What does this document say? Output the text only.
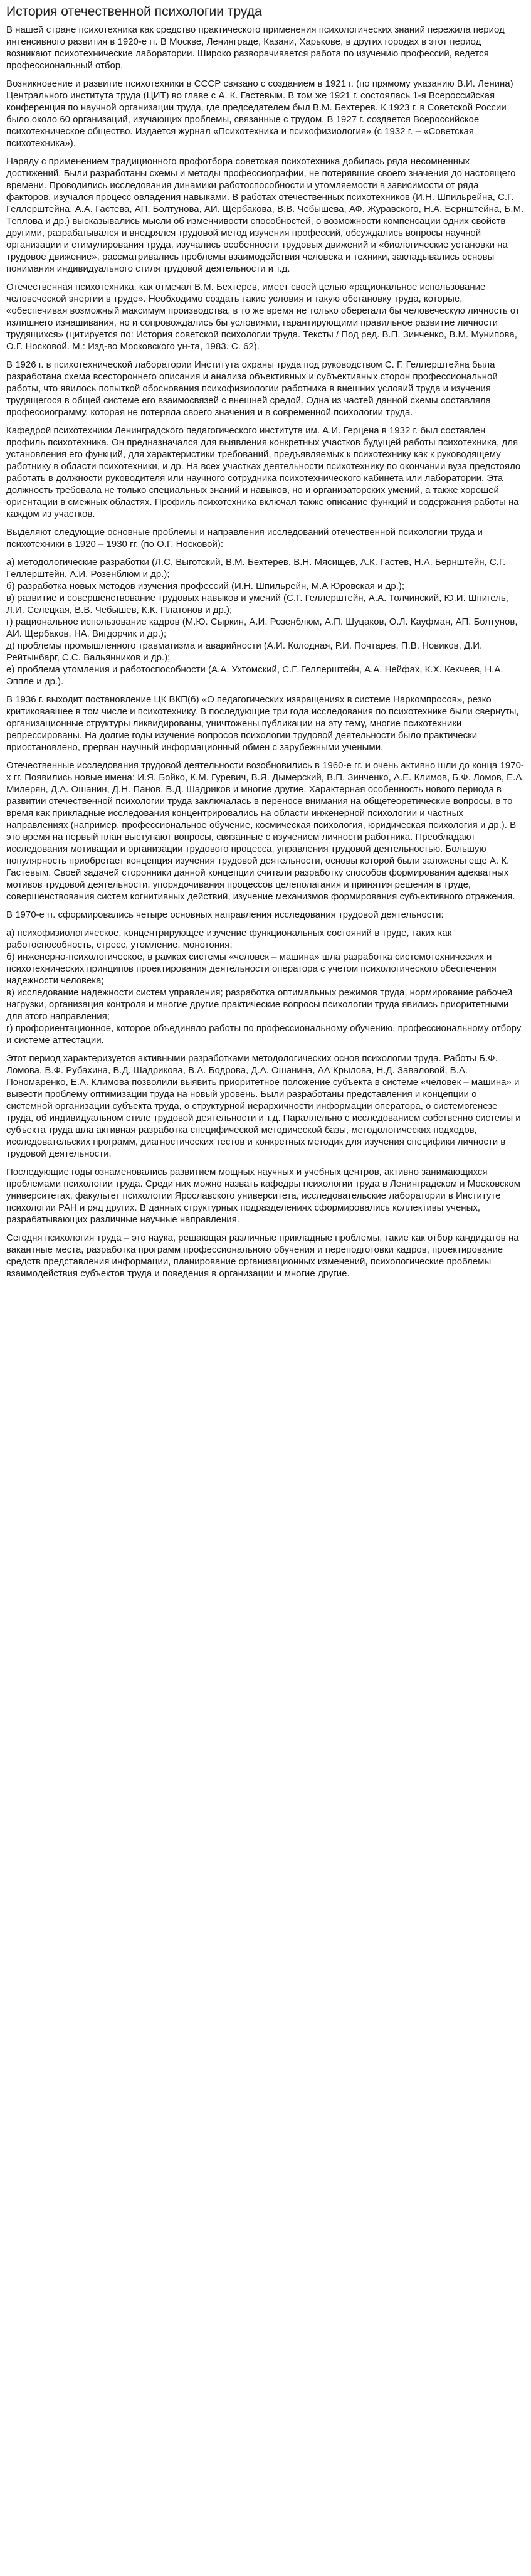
История отечественной психологии труда

В нашей стране психотехника как средство практического применения психологических знаний пережила период интенсивного развития в 1920-е гг. В Москве, Ленинграде, Казани, Харькове, в других городах в этот период возникают психотехнические лаборатории. Широко разворачивается работа по изучению профессий, ведется профессиональный отбор.

Возникновение и развитие психотехники в СССР связано с созданием в 1921 г. (по прямому указанию В.И. Ленина) Центрального института труда (ЦИТ) во главе с А. К. Гастевым. В том же 1921 г. состоялась 1-я Всероссийская конференция по научной организации труда, где председателем был В.М. Бехтерев. К 1923 г. в Советской России было около 60 организаций, изучающих проблемы, связанные с трудом. В 1927 г. создается Всероссийское психотехническое общество. Издается журнал «Психотехника и психофизиология» (с 1932 г. – «Советская психотехника»).

Наряду с применением традиционного профотбора советская психотехника добилась ряда несомненных достижений. Были разработаны схемы и методы профессиографии, не потерявшие своего значения до настоящего времени. Проводились исследования динамики работоспособности и утомляемости в зависимости от ряда факторов, изучался процесс овладения навыками. В работах отечественных психотехников (И.Н. Шпильрейна, С.Г. Геллерштейна, А.А. Гастева, АП. Болтунова, АИ. Щербакова, В.В. Чебышева, АФ. Журавского, Н.А. Бернштейна, Б.М. Теплова и др.) высказывались мысли об изменчивости способностей, о возможности компенсации одних свойств другими, разрабатывался и внедрялся трудовой метод изучения профессий, обсуждались вопросы научной организации и стимулирования труда, изучались особенности трудовых движений и «биологические установки на трудовое движение», рассматривались проблемы взаимодействия человека и техники, закладывались основы понимания индивидуального стиля трудовой деятельности и т.д.

Отечественная психотехника, как отмечал В.М. Бехтерев, имеет своей целью «рациональное использование человеческой энергии в труде». Необходимо создать такие условия и такую обстановку труда, которые, «обеспечивая возможный максимум производства, в то же время не только оберегали бы человеческую личность от излишнего изнашивания, но и сопровождались бы условиями, гарантирующими правильное развитие личности трудящихся» (цитируется по: История советской психологии труда. Тексты / Под ред. В.П. Зинченко, В.М. Мунипова, О.Г. Носковой. М.: Изд-во Московского ун-та, 1983. С. 62).

В 1926 г. в психотехнической лаборатории Института охраны труда под руководством С. Г. Геллерштейна была разработана схема всестороннего описания и анализа объективных и субъективных сторон профессиональной работы, что явилось попыткой обоснования психофизиологии работника в внешних условий труда и изучения трудящегося в общей системе его взаимосвязей с внешней средой. Одна из частей данной схемы составляла профессиограмму, которая не потеряла своего значения и в современной психологии труда.

Кафедрой психотехники Ленинградского педагогического института им. А.И. Герцена в 1932 г. был составлен профиль психотехника. Он предназначался для выявления конкретных участков будущей работы психотехника, для установления его функций, для характеристики требований, предъявляемых к психотехнику как к руководящему работнику в области психотехники, и др. На всех участках деятельности психотехнику по окончании вуза предстояло работать в должности руководителя или научного сотрудника психотехнического кабинета или лаборатории. Эта должность требовала не только специальных знаний и навыков, но и организаторских умений, а также хорошей ориентации в смежных областях. Профиль психотехника включал также описание функций и содержания работы на каждом из участков.

Выделяют следующие основные проблемы и направления исследований отечественной психологии труда и психотехники в 1920 – 1930 гг. (по О.Г. Носковой):

а) методологические разработки (Л.С. Выготский, В.М. Бехтерев, В.Н. Мясищев, А.К. Гастев, Н.А. Бернштейн, С.Г. Геллерштейн, А.И. Розенблюм и др.);
б) разработка новых методов изучения профессий (И.Н. Шпильрейн, М.А Юровская и др.);
в) развитие и совершенствование трудовых навыков и умений (С.Г. Геллерштейн, А.А. Толчинский, Ю.И. Шпигель, Л.И. Селецкая, В.В. Чебышев, К.К. Платонов и др.);
г) рациональное использование кадров (М.Ю. Сыркин, А.И. Розенблюм, А.П. Шуцаков, О.Л. Кауфман, АП. Болтунов, АИ. Щербаков, НА. Вигдорчик и др.);
д) проблемы промышленного травматизма и аварийности (А.И. Колодная, Р.И. Почтарев, П.В. Новиков, Д.И. Рейтынбарг, С.С. Вальянников и др.);
е) проблема утомления и работоспособности (А.А. Ухтомский, С.Г. Геллерштейн, А.А. Нейфах, К.Х. Кекчеев, Н.А. Эппле и др.).

В 1936 г. выходит постановление ЦК ВКП(б) «О педагогических извращениях в системе Наркомпросов», резко критиковавшее в том числе и психотехнику. В последующие три года исследования по психотехнике были свернуты, организационные структуры ликвидированы, уничтожены публикации на эту тему, многие психотехники репрессированы. На долгие годы изучение вопросов психологии трудовой деятельности было практически приостановлено, прерван научный информационный обмен с зарубежными учеными.

Отечественные исследования трудовой деятельности возобновились в 1960-е гг. и очень активно шли до конца 1970-х гг. Появились новые имена: И.Я. Бойко, К.М. Гуревич, В.Я. Дымерский, В.П. Зинченко, А.Е. Климов, Б.Ф. Ломов, Е.А. Милерян, Д.А. Ошанин, Д.Н. Панов, В.Д. Шадриков и многие другие. Характерная особенность нового периода в развитии отечественной психологии труда заключалась в переносе внимания на общетеоретические вопросы, в то время как прикладные исследования концентрировались на области инженерной психологии и частных направлениях (например, профессиональное обучение, космическая психология, юридическая психология и др.). В это время на первый план выступают вопросы, связанные с изучением личности работника. Преобладают исследования мотивации и организации трудового процесса, управления трудовой деятельностью. Большую популярность приобретает концепция изучения трудовой деятельности, основы которой были заложены еще А. К. Гастевым. Своей задачей сторонники данной концепции считали разработку способов формирования адекватных мотивов трудовой деятельности, упорядочивания процессов целеполагания и принятия решения в труде, совершенствования систем когнитивных действий, изучение механизмов формирования субъективного отражения.

В 1970-е гг. сформировались четыре основных направления исследования трудовой деятельности:

а) психофизиологическое, концентрирующее изучение функциональных состояний в труде, таких как работоспособность, стресс, утомление, монотония;
б) инженерно-психологическое, в рамках системы «человек – машина» шла разработка системотехнических и психотехнических принципов проектирования деятельности оператора с учетом психологического обеспечения надежности человека;
в) исследование надежности систем управления; разработка оптимальных режимов труда, нормирование рабочей нагрузки, организация контроля и многие другие практические вопросы психологии труда явились приоритетными для этого направления;
г) профориентационное, которое объединяло работы по профессиональному обучению, профессиональному отбору и системе аттестации.

Этот период характеризуется активными разработками методологических основ психологии труда. Работы Б.Ф. Ломова, В.Ф. Рубахина, В.Д. Шадрикова, В.А. Бодрова, Д.А. Ошанина, АА Крылова, Н.Д. Заваловой, В.А. Пономаренко, Е.А. Климова позволили выявить приоритетное положение субъекта в системе «человек – машина» и вывести проблему оптимизации труда на новый уровень. Были разработаны представления и концепции о системной организации субъекта труда, о структурной иерархичности информации оператора, о системогенезе труда, об индивидуальном стиле трудовой деятельности и т.д. Параллельно с исследованием собственно системы и субъекта труда шла активная разработка специфической методической базы, методологических подходов, исследовательских программ, диагностических тестов и конкретных методик для изучения специфики личности в трудовой деятельности.

Последующие годы ознаменовались развитием мощных научных и учебных центров, активно занимающихся проблемами психологии труда. Среди них можно назвать кафедры психологии труда в Ленинградском и Московском университетах, факультет психологии Ярославского университета, исследовательские лаборатории в Институте психологии РАН и ряд других. В данных структурных подразделениях сформировались коллективы ученых, разрабатывающих различные научные направления.

Сегодня психология труда – это наука, решающая различные прикладные проблемы, такие как отбор кандидатов на вакантные места, разработка программ профессионального обучения и переподготовки кадров, проектирование средств представления информации, планирование организационных изменений, психологические проблемы взаимодействия субъектов труда и поведения в организации и многие другие.
